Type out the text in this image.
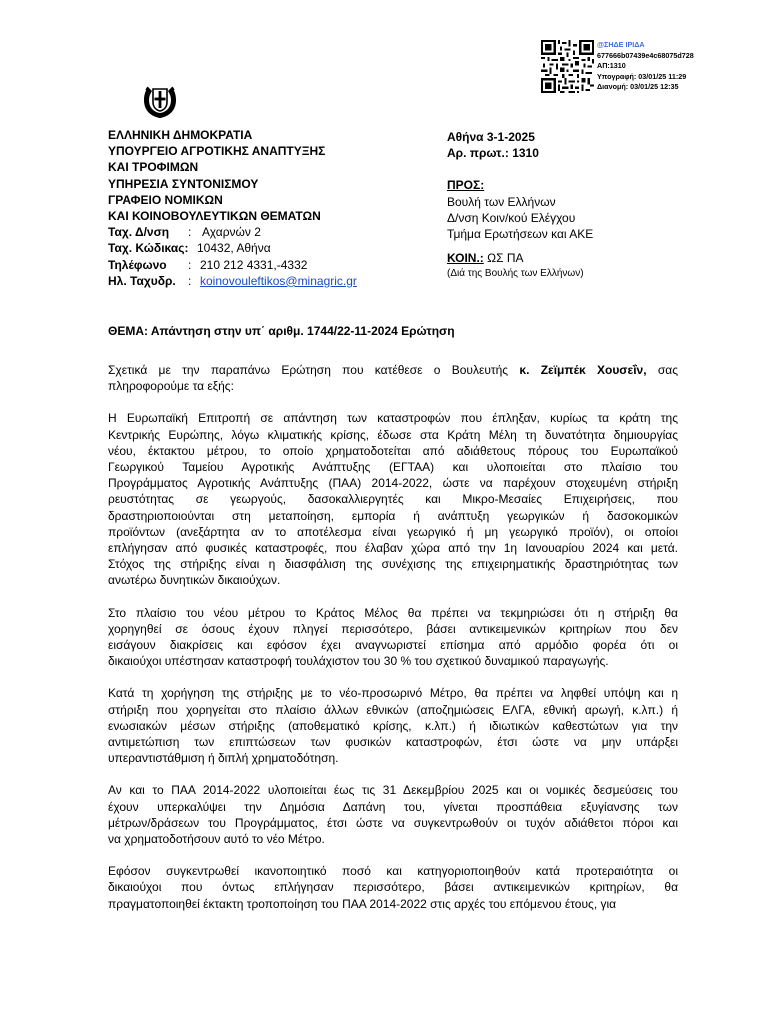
@ΣΗΔΕ ΙΡΙΔΑ
677666b07439e4c68075d728
ΑΠ:1310
Υπογραφή: 03/01/25 11:29
Διανομή: 03/01/25 12:35
ΕΛΛΗΝΙΚΗ ΔΗΜΟΚΡΑΤΙΑ
ΥΠΟΥΡΓΕΙΟ ΑΓΡΟΤΙΚΗΣ ΑΝΑΠΤΥΞΗΣ
ΚΑΙ ΤΡΟΦΙΜΩΝ
ΥΠΗΡΕΣΙΑ ΣΥΝΤΟΝΙΣΜΟΥ
ΓΡΑΦΕΙΟ ΝΟΜΙΚΩΝ
ΚΑΙ ΚΟΙΝΟΒΟΥΛΕΥΤΙΚΩΝ ΘΕΜΑΤΩΝ
Ταχ. Δ/νση : Αχαρνών 2
Ταχ. Κώδικας: 10432, Αθήνα
Τηλέφωνο : 210 212 4331,-4332
Ηλ. Ταχυδρ. : koinovouleftikos@minagric.gr
Αθήνα 3-1-2025
Αρ. πρωτ.: 1310
ΠΡΟΣ:
Βουλή των Ελλήνων
Δ/νση Κοιν/κού Ελέγχου
Τμήμα Ερωτήσεων και ΑΚΕ
ΚΟΙΝ.: ΩΣ ΠΑ
(Διά της Βουλής των Ελλήνων)
ΘΕΜΑ: Απάντηση στην υπ΄ αριθμ. 1744/22-11-2024 Ερώτηση

Σχετικά με την παραπάνω Ερώτηση που κατέθεσε ο Βουλευτής κ. Ζεϊμπέκ Χουσεΐν, σας
πληροφορούμε τα εξής:

Η Ευρωπαϊκή Επιτροπή σε απάντηση των καταστροφών που έπληξαν, κυρίως τα κράτη της
Κεντρικής Ευρώπης, λόγω κλιματικής κρίσης, έδωσε στα Κράτη Μέλη τη δυνατότητα δημιουργίας
νέου, έκτακτου μέτρου, το οποίο χρηματοδοτείται από αδιάθετους πόρους του Ευρωπαϊκού
Γεωργικού Ταμείου Αγροτικής Ανάπτυξης (ΕΓΤΑΑ) και υλοποιείται στο πλαίσιο του
Προγράμματος Αγροτικής Ανάπτυξης (ΠΑΑ) 2014-2022, ώστε να παρέχουν στοχευμένη στήριξη
ρευστότητας σε γεωργούς, δασοκαλλιεργητές και Μικρο-Μεσαίες Επιχειρήσεις, που
δραστηριοποιούνται στη μεταποίηση, εμπορία ή ανάπτυξη γεωργικών ή δασοκομικών
προϊόντων (ανεξάρτητα αν το αποτέλεσμα είναι γεωργικό ή μη γεωργικό προϊόν), οι οποίοι
επλήγησαν από φυσικές καταστροφές, που έλαβαν χώρα από την 1η Ιανουαρίου 2024 και μετά.
Στόχος της στήριξης είναι η διασφάλιση της συνέχισης της επιχειρηματικής δραστηριότητας των
ανωτέρω δυνητικών δικαιούχων.

Στο πλαίσιο του νέου μέτρου το Κράτος Μέλος θα πρέπει να τεκμηριώσει ότι η στήριξη θα
χορηγηθεί σε όσους έχουν πληγεί περισσότερο, βάσει αντικειμενικών κριτηρίων που δεν
εισάγουν διακρίσεις και εφόσον έχει αναγνωριστεί επίσημα από αρμόδιο φορέα ότι οι
δικαιούχοι υπέστησαν καταστροφή τουλάχιστον του 30 % του σχετικού δυναμικού παραγωγής.

Κατά τη χορήγηση της στήριξης με το νέο-προσωρινό Μέτρο, θα πρέπει να ληφθεί υπόψη και η
στήριξη που χορηγείται στο πλαίσιο άλλων εθνικών (αποζημιώσεις ΕΛΓΑ, εθνική αρωγή, κ.λπ.) ή
ενωσιακών μέσων στήριξης (αποθεματικό κρίσης, κ.λπ.) ή ιδιωτικών καθεστώτων για την
αντιμετώπιση των επιπτώσεων των φυσικών καταστροφών, έτσι ώστε να μην υπάρξει
υπεραντιστάθμιση ή διπλή χρηματοδότηση.

Αν και το ΠΑΑ 2014-2022 υλοποιείται έως τις 31 Δεκεμβρίου 2025 και οι νομικές δεσμεύσεις του
έχουν υπερκαλύψει την Δημόσια Δαπάνη του, γίνεται προσπάθεια εξυγίανσης των
μέτρων/δράσεων του Προγράμματος, έτσι ώστε να συγκεντρωθούν οι τυχόν αδιάθετοι πόροι και
να χρηματοδοτήσουν αυτό το νέο Μέτρο.

Εφόσον συγκεντρωθεί ικανοποιητικό ποσό και κατηγοριοποιηθούν κατά προτεραιότητα οι
δικαιούχοι που όντως επλήγησαν περισσότερο, βάσει αντικειμενικών κριτηρίων, θα
πραγματοποιηθεί έκτακτη τροποποίηση του ΠΑΑ 2014-2022 στις αρχές του επόμενου έτους, για
